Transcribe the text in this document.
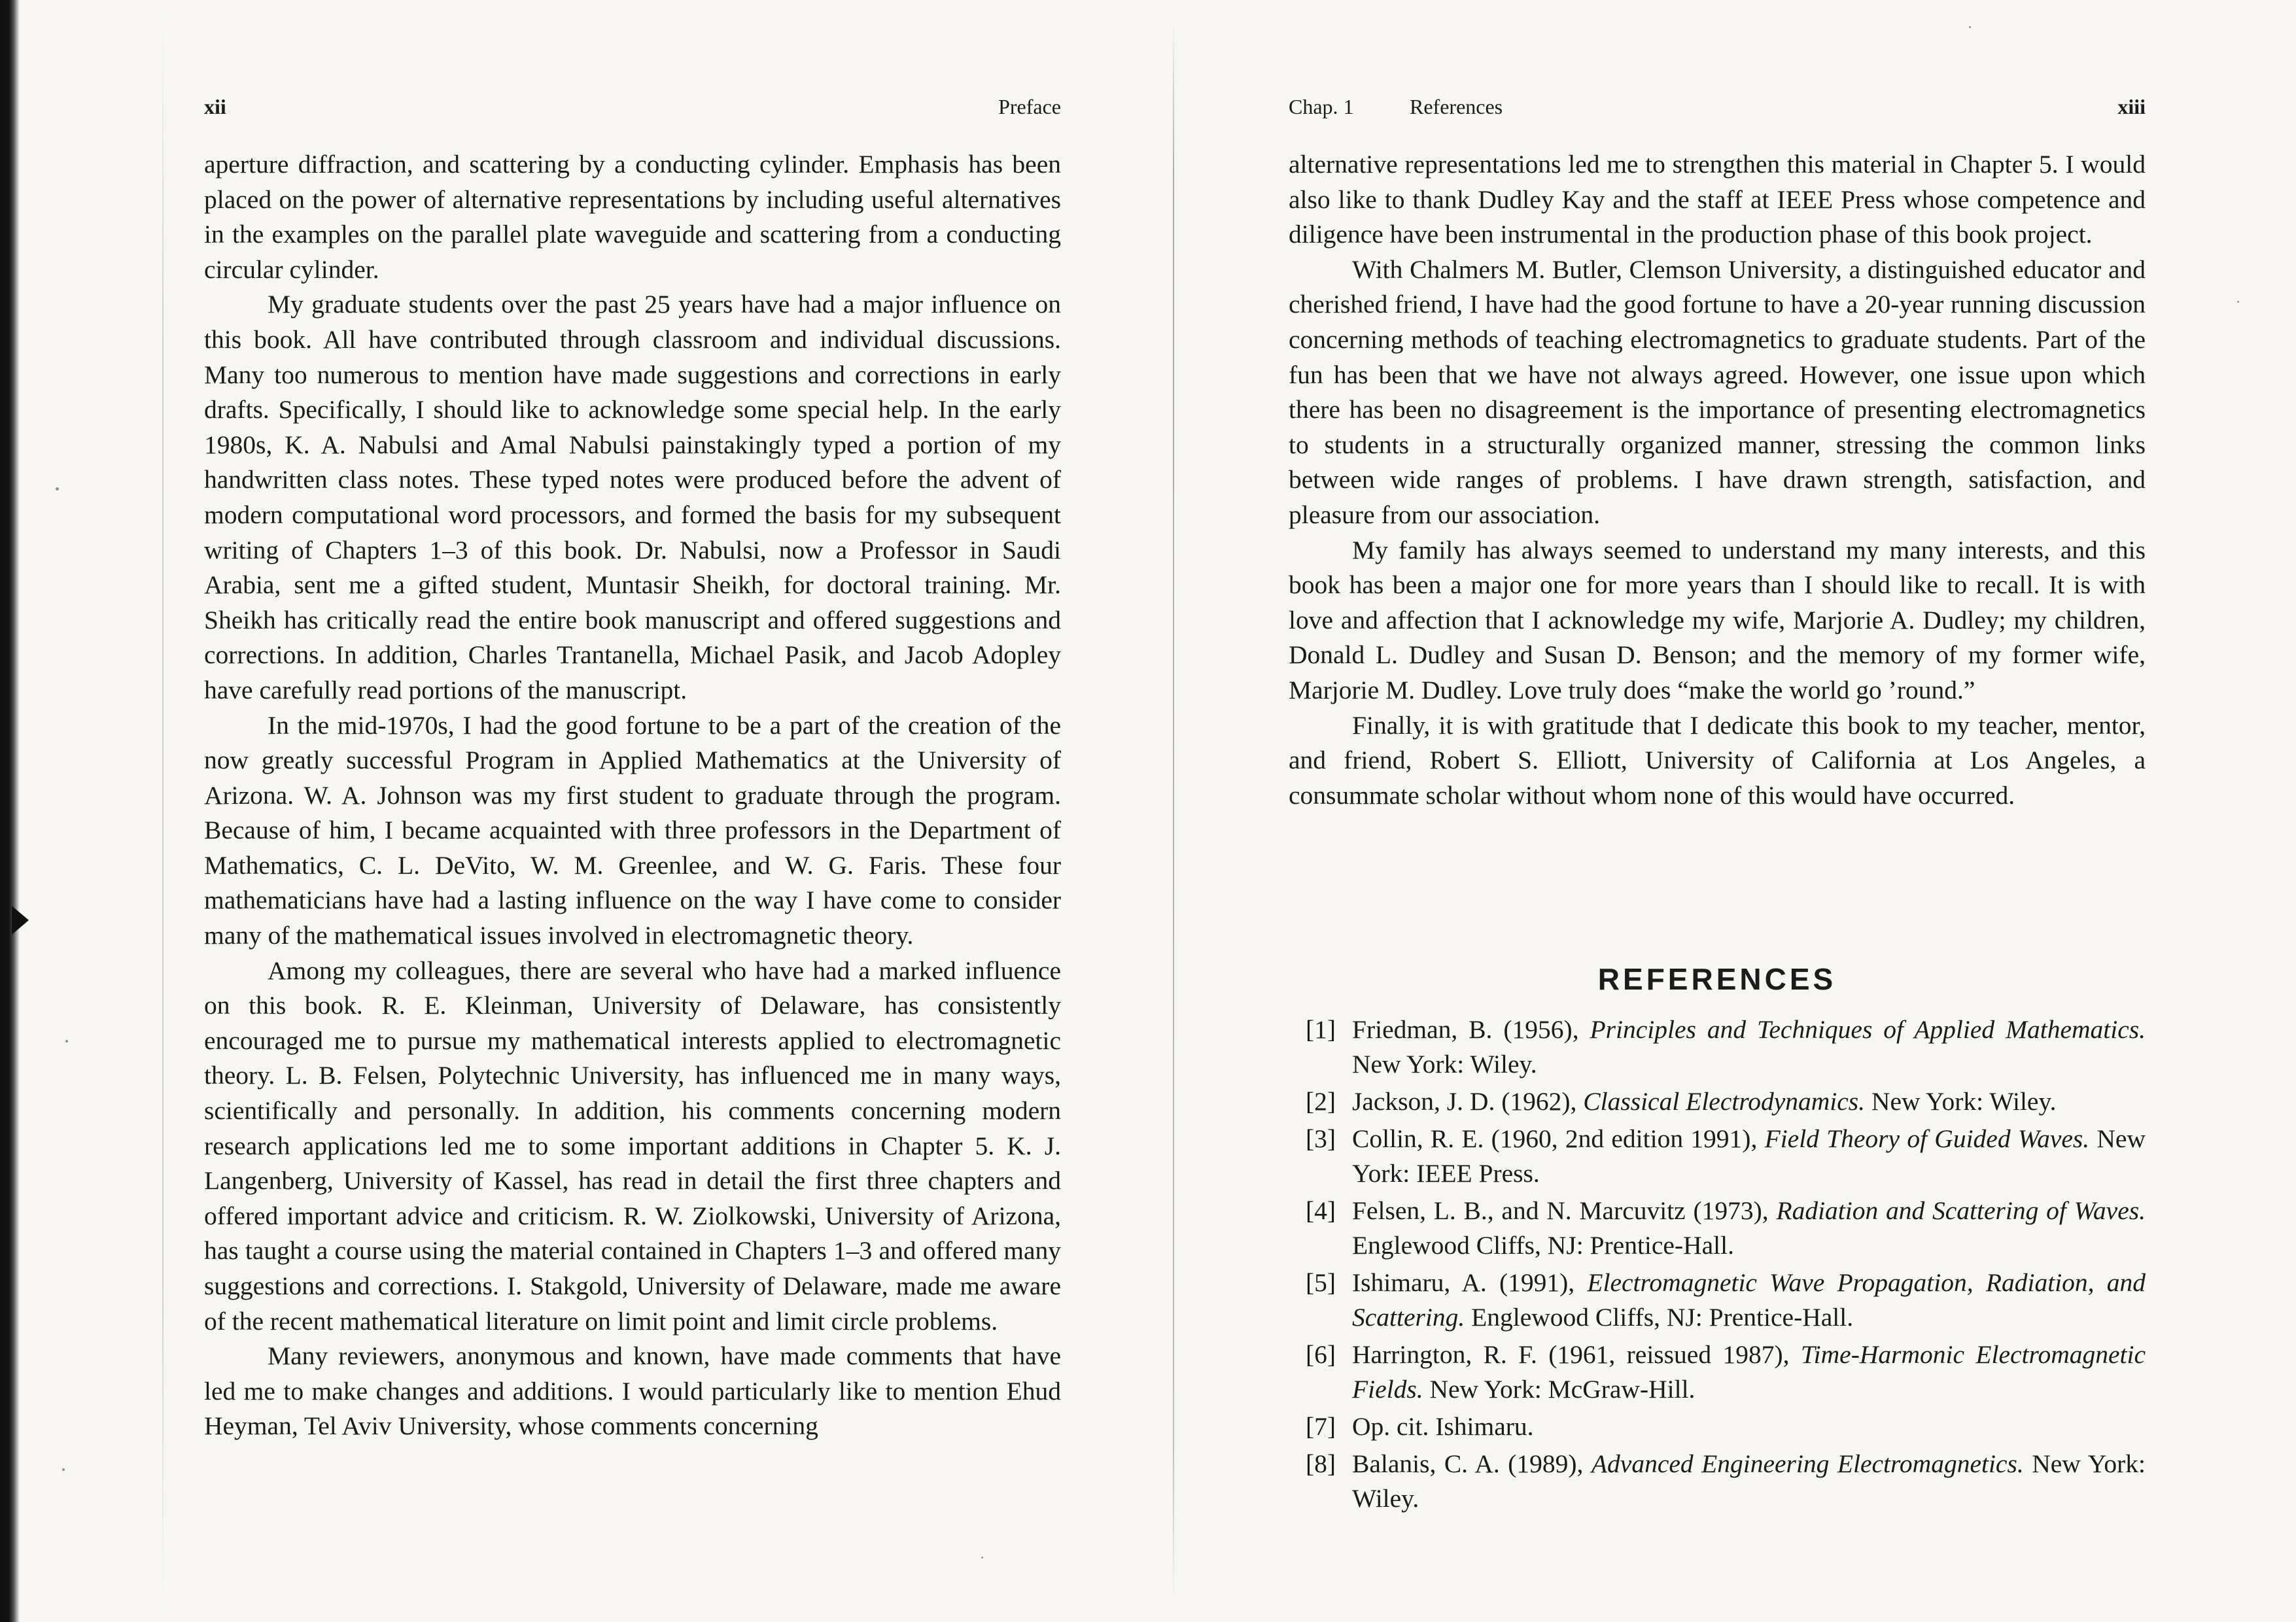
xii	Preface

aperture diffraction, and scattering by a conducting cylinder. Emphasis has been placed on the power of alternative representations by including useful alternatives in the examples on the parallel plate waveguide and scattering from a conducting circular cylinder.

My graduate students over the past 25 years have had a major influence on this book. All have contributed through classroom and individual discussions. Many too numerous to mention have made suggestions and corrections in early drafts. Specifically, I should like to acknowledge some special help. In the early 1980s, K. A. Nabulsi and Amal Nabulsi painstakingly typed a portion of my handwritten class notes. These typed notes were produced before the advent of modern computational word processors, and formed the basis for my subsequent writing of Chapters 1–3 of this book. Dr. Nabulsi, now a Professor in Saudi Arabia, sent me a gifted student, Muntasir Sheikh, for doctoral training. Mr. Sheikh has critically read the entire book manuscript and offered suggestions and corrections. In addition, Charles Trantanella, Michael Pasik, and Jacob Adopley have carefully read portions of the manuscript.

In the mid-1970s, I had the good fortune to be a part of the creation of the now greatly successful Program in Applied Mathematics at the University of Arizona. W. A. Johnson was my first student to graduate through the program. Because of him, I became acquainted with three professors in the Department of Mathematics, C. L. DeVito, W. M. Greenlee, and W. G. Faris. These four mathematicians have had a lasting influence on the way I have come to consider many of the mathematical issues involved in electromagnetic theory.

Among my colleagues, there are several who have had a marked influence on this book. R. E. Kleinman, University of Delaware, has consistently encouraged me to pursue my mathematical interests applied to electromagnetic theory. L. B. Felsen, Polytechnic University, has influenced me in many ways, scientifically and personally. In addition, his comments concerning modern research applications led me to some important additions in Chapter 5. K. J. Langenberg, University of Kassel, has read in detail the first three chapters and offered important advice and criticism. R. W. Ziolkowski, University of Arizona, has taught a course using the material contained in Chapters 1–3 and offered many suggestions and corrections. I. Stakgold, University of Delaware, made me aware of the recent mathematical literature on limit point and limit circle problems.

Many reviewers, anonymous and known, have made comments that have led me to make changes and additions. I would particularly like to mention Ehud Heyman, Tel Aviv University, whose comments concerning

Chap. 1	References	xiii

alternative representations led me to strengthen this material in Chapter 5. I would also like to thank Dudley Kay and the staff at IEEE Press whose competence and diligence have been instrumental in the production phase of this book project.

With Chalmers M. Butler, Clemson University, a distinguished educator and cherished friend, I have had the good fortune to have a 20-year running discussion concerning methods of teaching electromagnetics to graduate students. Part of the fun has been that we have not always agreed. However, one issue upon which there has been no disagreement is the importance of presenting electromagnetics to students in a structurally organized manner, stressing the common links between wide ranges of problems. I have drawn strength, satisfaction, and pleasure from our association.

My family has always seemed to understand my many interests, and this book has been a major one for more years than I should like to recall. It is with love and affection that I acknowledge my wife, Marjorie A. Dudley; my children, Donald L. Dudley and Susan D. Benson; and the memory of my former wife, Marjorie M. Dudley. Love truly does “make the world go ’round.”

Finally, it is with gratitude that I dedicate this book to my teacher, mentor, and friend, Robert S. Elliott, University of California at Los Angeles, a consummate scholar without whom none of this would have occurred.

REFERENCES
[1] Friedman, B. (1956), Principles and Techniques of Applied Mathematics. New York: Wiley.
[2] Jackson, J. D. (1962), Classical Electrodynamics. New York: Wiley.
[3] Collin, R. E. (1960, 2nd edition 1991), Field Theory of Guided Waves. New York: IEEE Press.
[4] Felsen, L. B., and N. Marcuvitz (1973), Radiation and Scattering of Waves. Englewood Cliffs, NJ: Prentice-Hall.
[5] Ishimaru, A. (1991), Electromagnetic Wave Propagation, Radiation, and Scattering. Englewood Cliffs, NJ: Prentice-Hall.
[6] Harrington, R. F. (1961, reissued 1987), Time-Harmonic Electromagnetic Fields. New York: McGraw-Hill.
[7] Op. cit. Ishimaru.
[8] Balanis, C. A. (1989), Advanced Engineering Electromagnetics. New York: Wiley.
